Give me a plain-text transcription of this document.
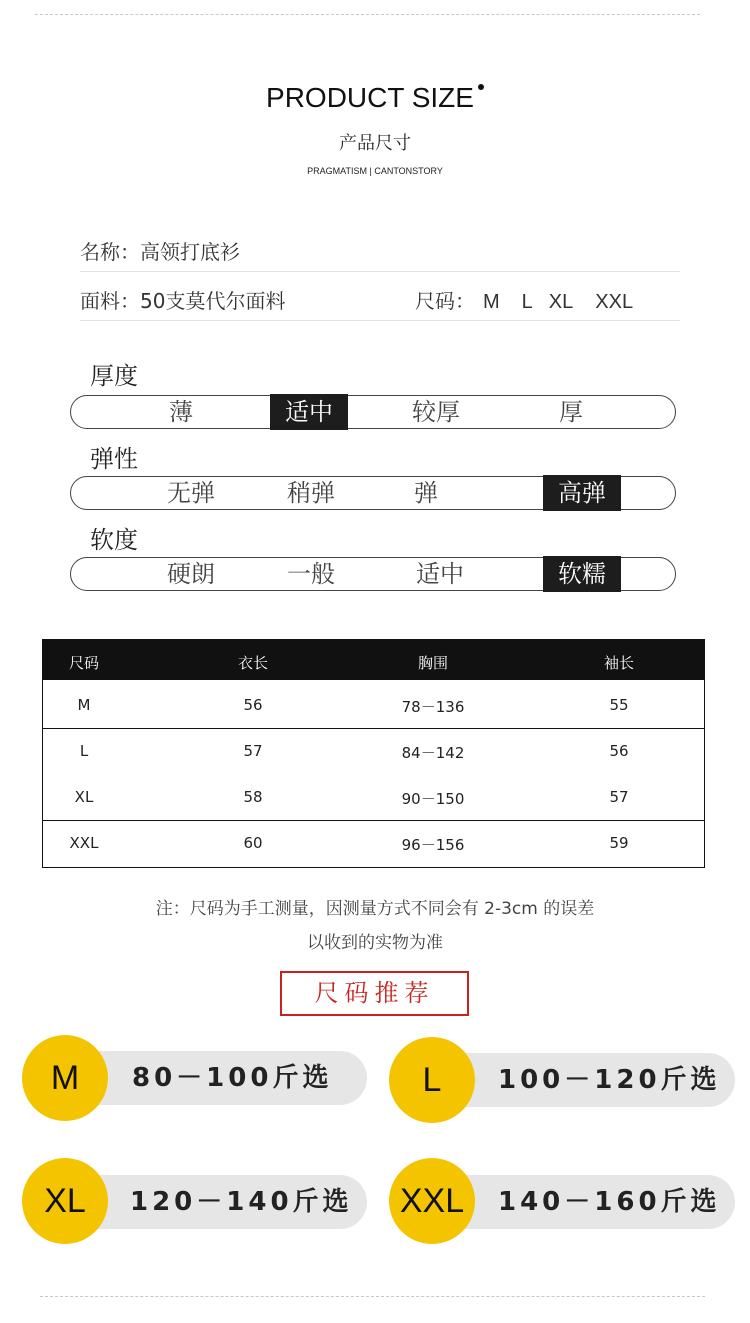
PRODUCT SIZE
产品尺寸
PRAGMATISM | CANTONSTORY
名称：高领打底衫
面料：50支莫代尔面料	尺码： M L XL XXL
厚度
薄	适中	较厚	厚
弹性
无弹	稍弹	弹	高弹
软度
硬朗	一般	适中	软糯
尺码	衣长	胸围	袖长
M	56	78－136	55
L	57	84－142	56
XL	58	90－150	57
XXL	60	96－156	59
注：尺码为手工测量，因测量方式不同会有 2-3cm 的误差
以收到的实物为准
尺码推荐
M	80－100斤选	L	100－120斤选
XL	120－140斤选	XXL	140－160斤选
